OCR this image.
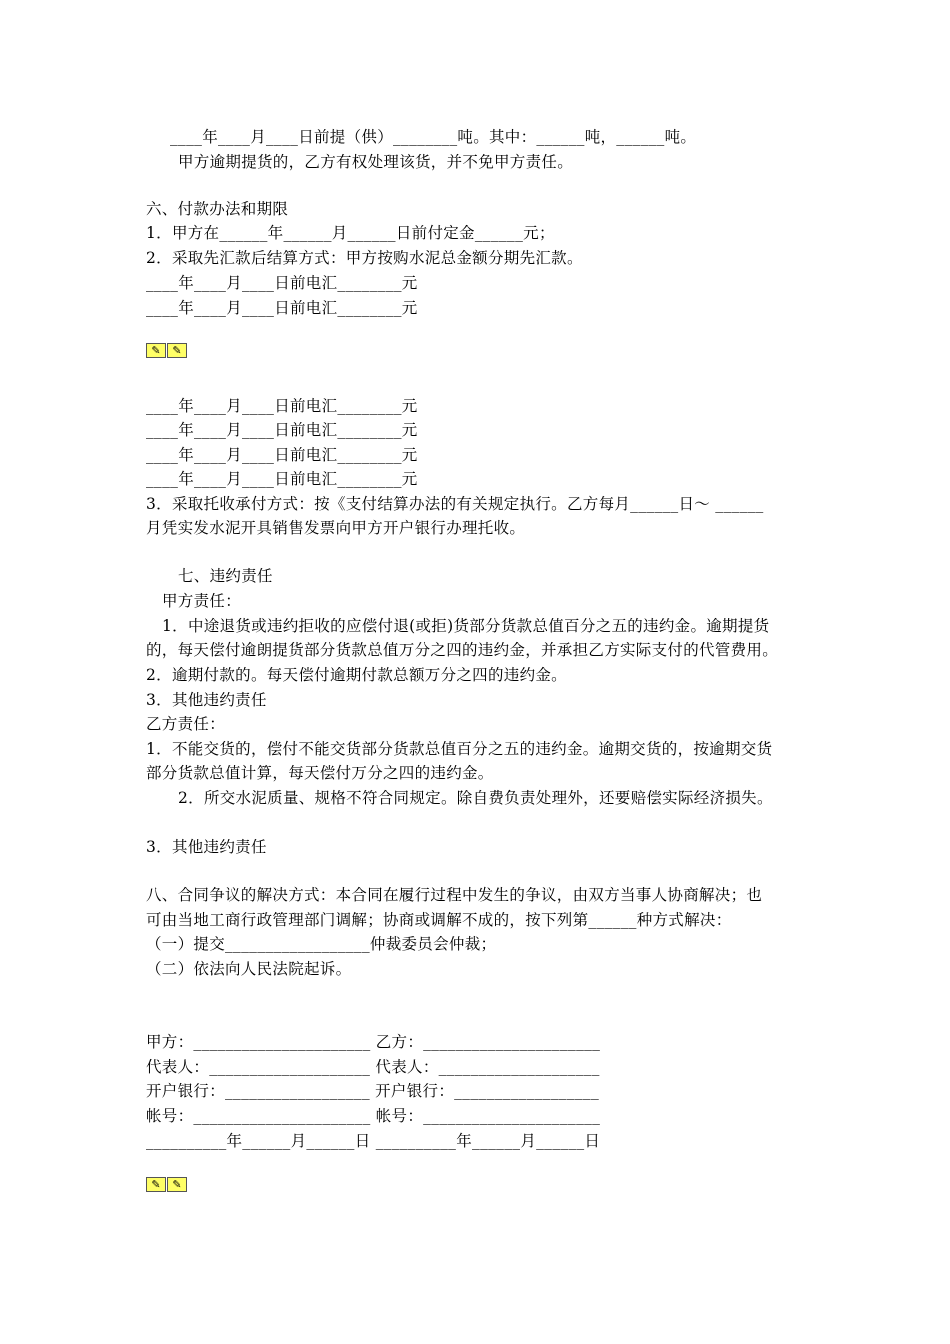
____年____月____日前提（供）________吨。其中：______吨，______吨。
甲方逾期提货的，乙方有权处理该货，并不免甲方责任。
六、付款办法和期限
1．甲方在______年______月______日前付定金______元；
2．采取先汇款后结算方式：甲方按购水泥总金额分期先汇款。
____年____月____日前电汇________元
____年____月____日前电汇________元
✎	✎
____年____月____日前电汇________元
____年____月____日前电汇________元
____年____月____日前电汇________元
____年____月____日前电汇________元
3．采取托收承付方式：按《支付结算办法的有关规定执行。乙方每月______日～ ______
月凭实发水泥开具销售发票向甲方开户银行办理托收。
七、违约责任
甲方责任：
1．中途退货或违约拒收的应偿付退(或拒)货部分货款总值百分之五的违约金。逾期提货
的，每天偿付逾朗提货部分货款总值万分之四的违约金，并承担乙方实际支付的代管费用。
2．逾期付款的。每天偿付逾期付款总额万分之四的违约金。
3．其他违约责任
乙方责任：
1．不能交货的，偿付不能交货部分货款总值百分之五的违约金。逾期交货的，按逾期交货
部分货款总值计算，每天偿付万分之四的违约金。
2．所交水泥质量、规格不符合同规定。除自费负责处理外，还要赔偿实际经济损失。
3．其他违约责任
八、合同争议的解决方式：本合同在履行过程中发生的争议，由双方当事人协商解决；也
可由当地工商行政管理部门调解；协商或调解不成的，按下列第______种方式解决：
（一）提交__________________仲裁委员会仲裁；
（二）依法向人民法院起诉。
甲方：______________________ 乙方：______________________
代表人：____________________ 代表人：____________________
开户银行：__________________ 开户银行：__________________
帐号：______________________ 帐号：______________________
__________年______月______日 __________年______月______日
✎	✎
